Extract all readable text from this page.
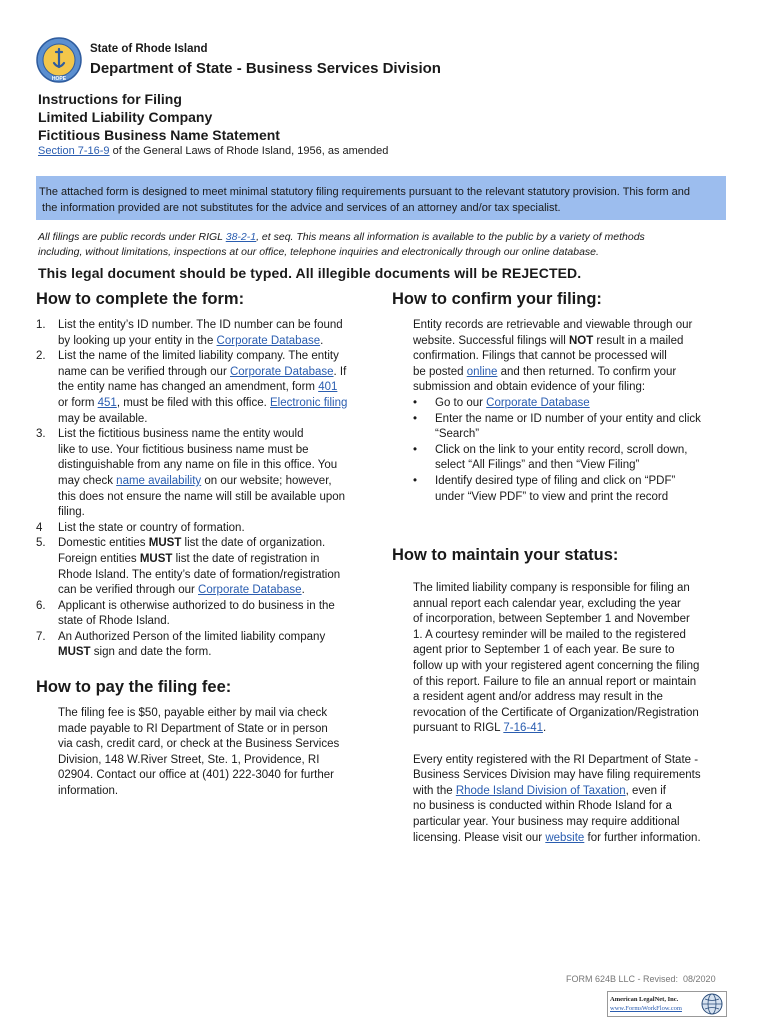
HOPE
State of Rhode Island
Department of State - Business Services Division
Instructions for Filing
Limited Liability Company
Fictitious Business Name Statement
Section 7-16-9 of the General Laws of Rhode Island, 1956, as amended
The attached form is designed to meet minimal statutory filing requirements pursuant to the relevant statutory provision. This form and
the information provided are not substitutes for the advice and services of an attorney and/or tax specialist.
All filings are public records under RIGL 38-2-1, et seq. This means all information is available to the public by a variety of methods
including, without limitations, inspections at our office, telephone inquiries and electronically through our online database.
This legal document should be typed. All illegible documents will be REJECTED.
How to complete the form:
1. List the entity’s ID number. The ID number can be found
by looking up your entity in the Corporate Database.
2. List the name of the limited liability company. The entity
name can be verified through our Corporate Database. If
the entity name has changed an amendment, form 401
or form 451, must be filed with this office. Electronic filing
may be available.
3. List the fictitious business name the entity would
like to use. Your fictitious business name must be
distinguishable from any name on file in this office. You
may check name availability on our website; however,
this does not ensure the name will still be available upon
filing.
4 List the state or country of formation.
5. Domestic entities MUST list the date of organization.
Foreign entities MUST list the date of registration in
Rhode Island. The entity’s date of formation/registration
can be verified through our Corporate Database.
6. Applicant is otherwise authorized to do business in the
state of Rhode Island.
7. An Authorized Person of the limited liability company
MUST sign and date the form.
How to confirm your filing:
Entity records are retrievable and viewable through our
website. Successful filings will NOT result in a mailed
confirmation. Filings that cannot be processed will
be posted online and then returned. To confirm your
submission and obtain evidence of your filing:
• Go to our Corporate Database
• Enter the name or ID number of your entity and click
“Search”
• Click on the link to your entity record, scroll down,
select “All Filings” and then “View Filing”
• Identify desired type of filing and click on “PDF”
under “View PDF” to view and print the record
How to pay the filing fee:
The filing fee is $50, payable either by mail via check
made payable to RI Department of State or in person
via cash, credit card, or check at the Business Services
Division, 148 W.River Street, Ste. 1, Providence, RI
02904. Contact our office at (401) 222-3040 for further
information.
How to maintain your status:

The limited liability company is responsible for filing an
annual report each calendar year, excluding the year
of incorporation, between September 1 and November
1. A courtesy reminder will be mailed to the registered
agent prior to September 1 of each year. Be sure to
follow up with your registered agent concerning the filing
of this report. Failure to file an annual report or maintain
a resident agent and/or address may result in the
revocation of the Certificate of Organization/Registration
pursuant to RIGL 7-16-41.

Every entity registered with the RI Department of State -
Business Services Division may have filing requirements
with the Rhode Island Division of Taxation, even if
no business is conducted within Rhode Island for a
particular year. Your business may require additional
licensing. Please visit our website for further information.

FORM 624B LLC - Revised:  08/2020
American LegalNet, Inc.
www.FormsWorkFlow.com
